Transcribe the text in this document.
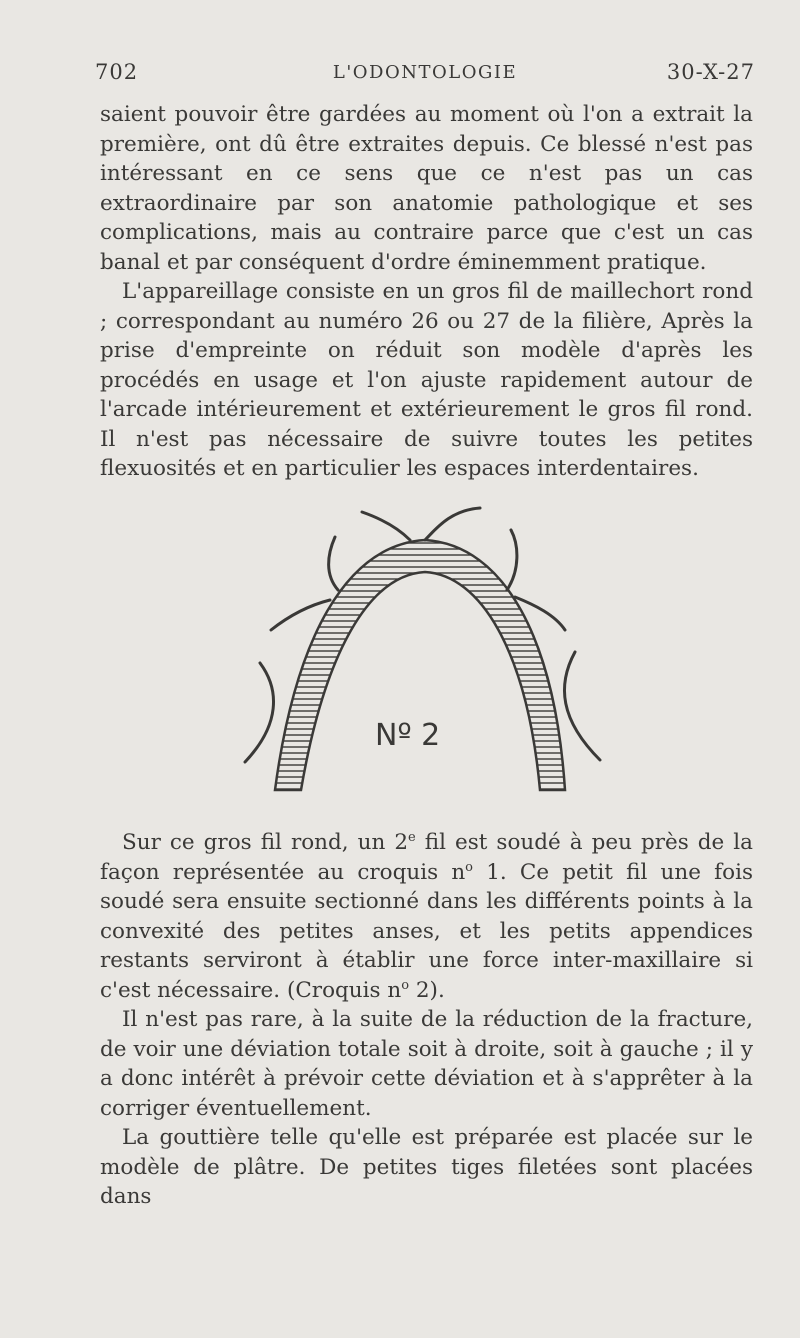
702	L'ODONTOLOGIE	30-X-27

saient pouvoir être gardées au moment où l'on a extrait la première, ont dû être extraites depuis. Ce blessé n'est pas intéressant en ce sens que ce n'est pas un cas extraordinaire par son anatomie pathologique et ses complications, mais au contraire parce que c'est un cas banal et par conséquent d'ordre éminemment pratique.

L'appareillage consiste en un gros fil de maillechort rond ; correspondant au numéro 26 ou 27 de la filière, Après la prise d'empreinte on réduit son modèle d'après les procédés en usage et l'on ajuste rapidement autour de l'arcade intérieurement et extérieurement le gros fil rond. Il n'est pas nécessaire de suivre toutes les petites flexuosités et en particulier les espaces interdentaires.

Nº 2

Sur ce gros fil rond, un 2e fil est soudé à peu près de la façon représentée au croquis $n^o$ 1. Ce petit fil une fois soudé sera ensuite sectionné dans les différents points à la convexité des petites anses, et les petits appendices restants serviront à établir une force inter-maxillaire si c'est nécessaire. (Croquis $n^o$ 2).

Il n'est pas rare, à la suite de la réduction de la fracture, de voir une déviation totale soit à droite, soit à gauche ; il y a donc intérêt à prévoir cette déviation et à s'apprêter à la corriger éventuellement.

La gouttière telle qu'elle est préparée est placée sur le modèle de plâtre. De petites tiges filetées sont placées dans
